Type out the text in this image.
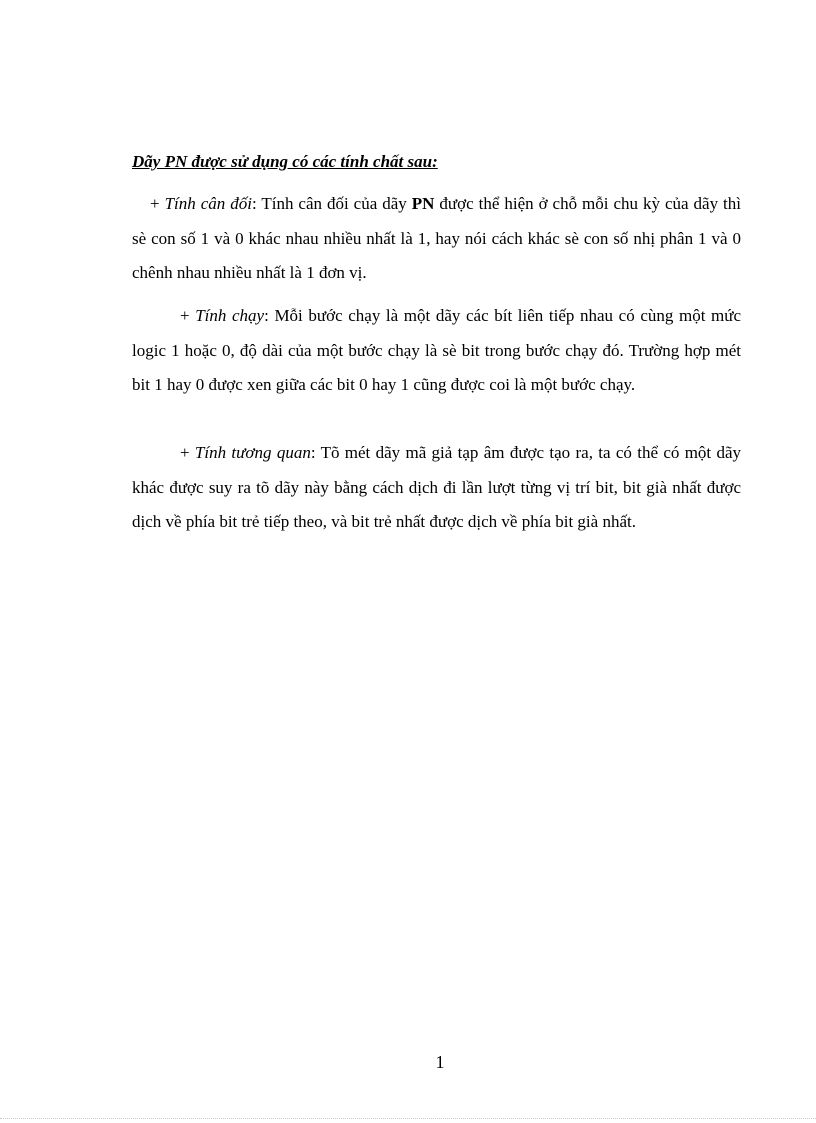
Dãy PN được sử dụng có các tính chất sau:
+ Tính cân đối: Tính cân đối của dãy PN được thể hiện ở chỗ mỗi chu kỳ của dãy thì sè con số 1 và 0 khác nhau nhiều nhất là 1, hay nói cách khác sè con số nhị phân 1 và 0 chênh nhau nhiều nhất là 1 đơn vị.
+ Tính chạy: Mỗi bước chạy là một dãy các bít liên tiếp nhau có cùng một mức logic 1 hoặc 0, độ dài của một bước chạy là sè bit trong bước chạy đó. Trường hợp mét bit 1 hay 0 được xen giữa các bit 0 hay 1 cũng được coi là một bước chạy.
+ Tính tương quan: Tõ mét dãy mã giả tạp âm được tạo ra, ta có thể có một dãy khác được suy ra tõ dãy này bằng cách dịch đi lần lượt từng vị trí bit, bit già nhất được dịch về phía bit trẻ tiếp theo, và bit trẻ nhất được dịch về phía bit già nhất.
1
